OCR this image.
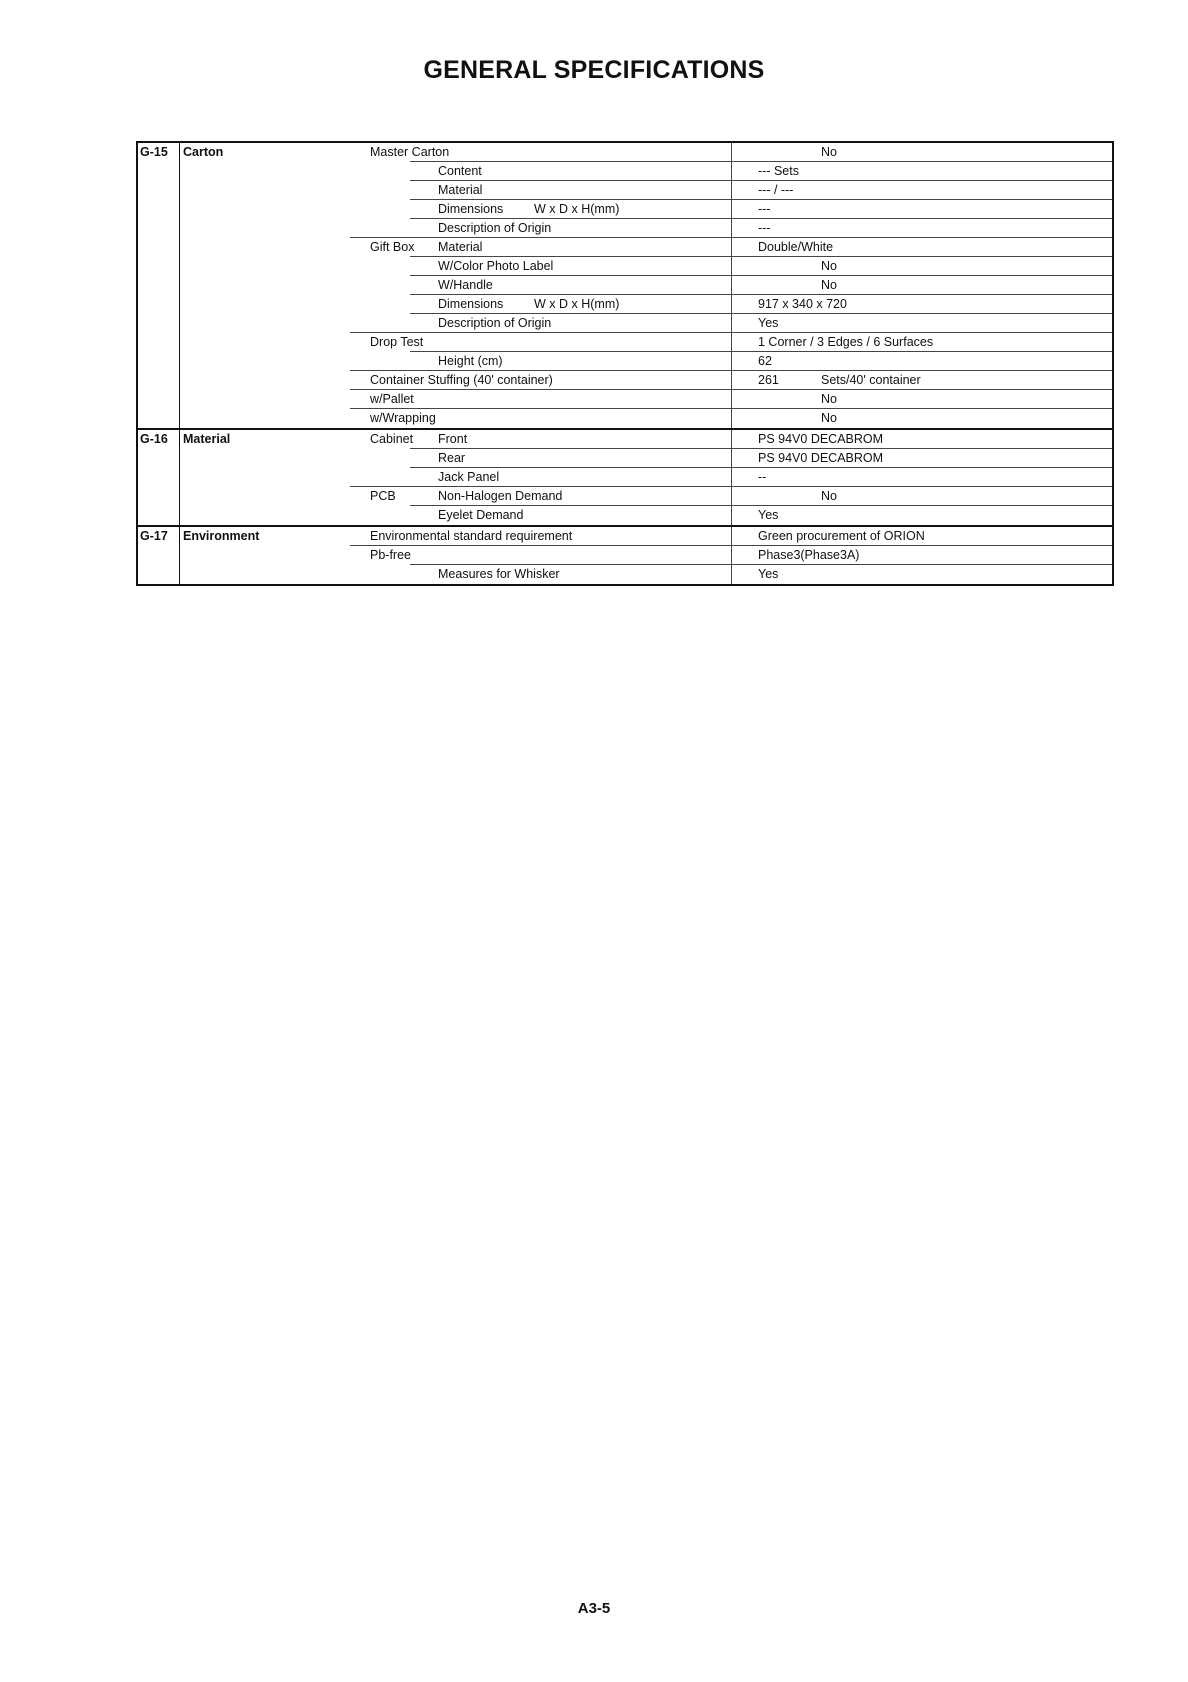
GENERAL SPECIFICATIONS
G-15	Carton	Master Carton	No
Content	--- Sets
Material	--- / ---
Dimensions W x D x H(mm)	---
Description of Origin	---
Gift Box Material	Double/White
W/Color Photo Label	No
W/Handle	No
Dimensions W x D x H(mm)	917 x 340 x 720
Description of Origin	Yes
Drop Test	1 Corner / 3 Edges / 6 Surfaces
Height (cm)	62
Container Stuffing (40' container)	261	Sets/40' container
w/Pallet	No
w/Wrapping	No
G-16	Material	Cabinet Front	PS 94V0 DECABROM
Rear	PS 94V0 DECABROM
Jack Panel	--
PCB	Non-Halogen Demand	No
Eyelet Demand	Yes
G-17	Environment	Environmental standard requirement	Green procurement of ORION
Pb-free	Phase3(Phase3A)
Measures for Whisker	Yes
A3-5
